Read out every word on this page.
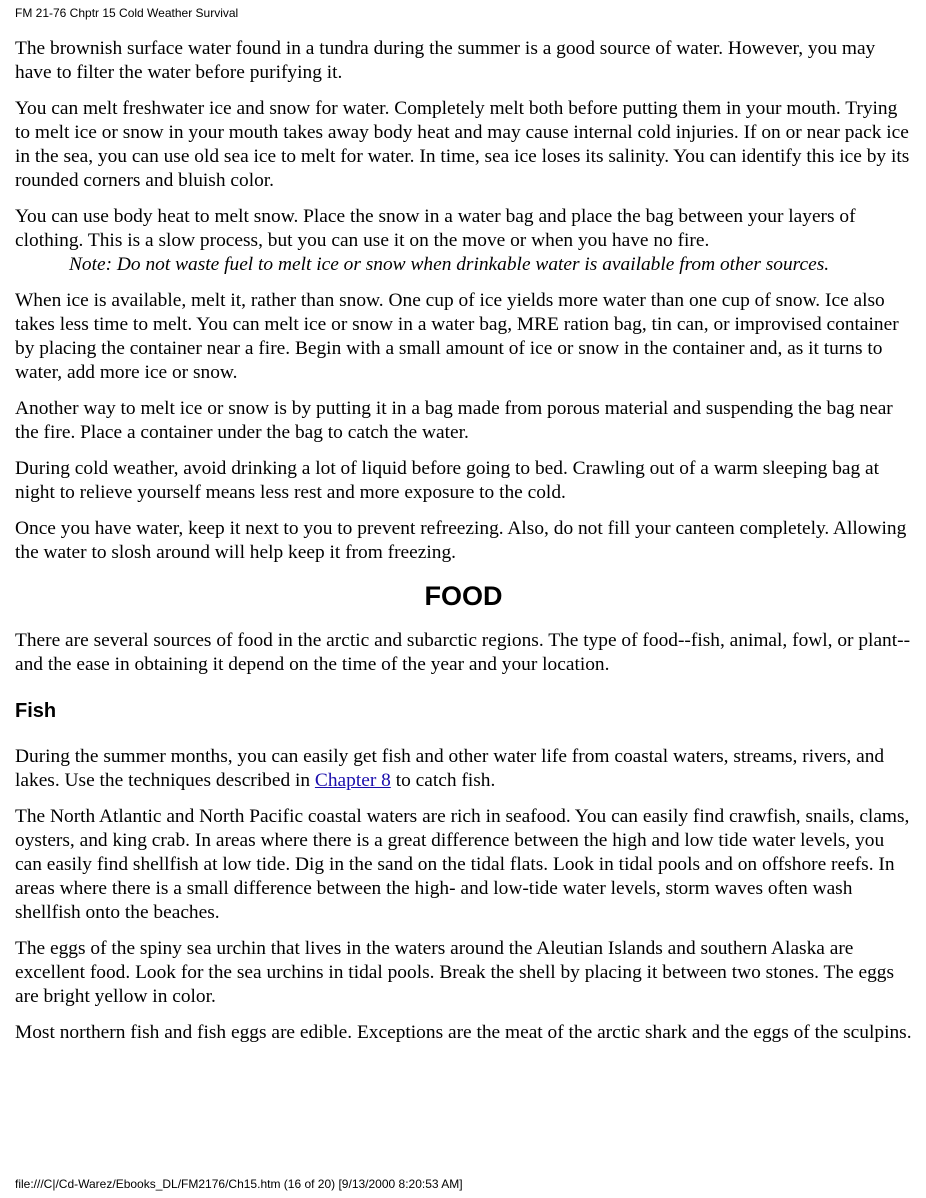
FM 21-76 Chptr 15 Cold Weather Survival

The brownish surface water found in a tundra during the summer is a good source of water. However, you may have to filter the water before purifying it.

You can melt freshwater ice and snow for water. Completely melt both before putting them in your mouth. Trying to melt ice or snow in your mouth takes away body heat and may cause internal cold injuries. If on or near pack ice in the sea, you can use old sea ice to melt for water. In time, sea ice loses its salinity. You can identify this ice by its rounded corners and bluish color.

You can use body heat to melt snow. Place the snow in a water bag and place the bag between your layers of clothing. This is a slow process, but you can use it on the move or when you have no fire.

Note: Do not waste fuel to melt ice or snow when drinkable water is available from other sources.

When ice is available, melt it, rather than snow. One cup of ice yields more water than one cup of snow. Ice also takes less time to melt. You can melt ice or snow in a water bag, MRE ration bag, tin can, or improvised container by placing the container near a fire. Begin with a small amount of ice or snow in the container and, as it turns to water, add more ice or snow.

Another way to melt ice or snow is by putting it in a bag made from porous material and suspending the bag near the fire. Place a container under the bag to catch the water.

During cold weather, avoid drinking a lot of liquid before going to bed. Crawling out of a warm sleeping bag at night to relieve yourself means less rest and more exposure to the cold.

Once you have water, keep it next to you to prevent refreezing. Also, do not fill your canteen completely. Allowing the water to slosh around will help keep it from freezing.

FOOD

There are several sources of food in the arctic and subarctic regions. The type of food--fish, animal, fowl, or plant--and the ease in obtaining it depend on the time of the year and your location.

Fish

During the summer months, you can easily get fish and other water life from coastal waters, streams, rivers, and lakes. Use the techniques described in Chapter 8 to catch fish.

The North Atlantic and North Pacific coastal waters are rich in seafood. You can easily find crawfish, snails, clams, oysters, and king crab. In areas where there is a great difference between the high and low tide water levels, you can easily find shellfish at low tide. Dig in the sand on the tidal flats. Look in tidal pools and on offshore reefs. In areas where there is a small difference between the high- and low-tide water levels, storm waves often wash shellfish onto the beaches.

The eggs of the spiny sea urchin that lives in the waters around the Aleutian Islands and southern Alaska are excellent food. Look for the sea urchins in tidal pools. Break the shell by placing it between two stones. The eggs are bright yellow in color.

Most northern fish and fish eggs are edible. Exceptions are the meat of the arctic shark and the eggs of the sculpins.

file:///C|/Cd-Warez/Ebooks_DL/FM2176/Ch15.htm (16 of 20) [9/13/2000 8:20:53 AM]
